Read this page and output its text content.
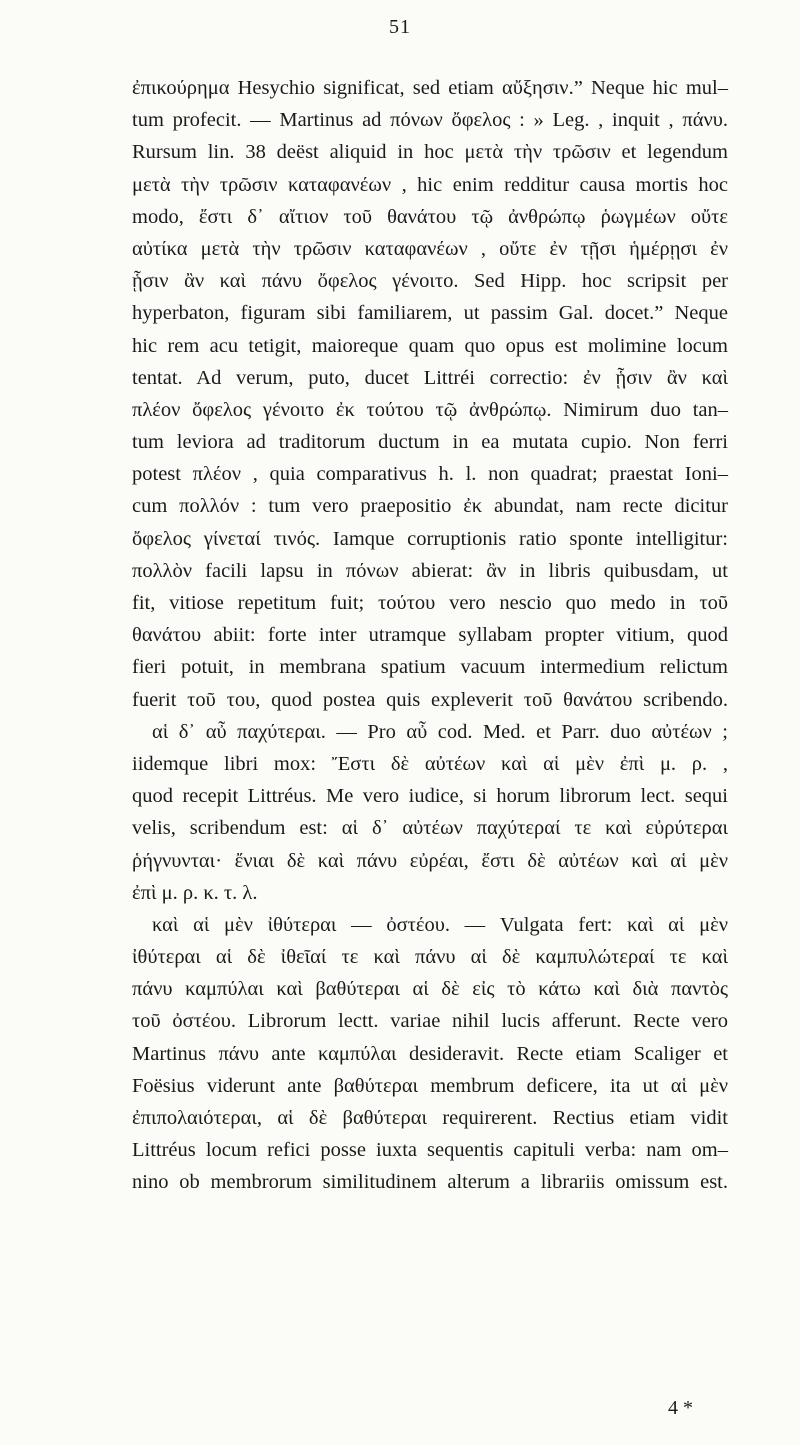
51
ἐπικούρημα Hesychio significat, sed etiam αὔξησιν.” Neque hic mul–
tum profecit. — Martinus ad πόνων ὄφελος : » Leg. , inquit , πάνυ.
Rursum lin. 38 deëst aliquid in hoc μετὰ τὴν τρῶσιν et legendum
μετὰ τὴν τρῶσιν καταφανέων , hic enim redditur causa mortis hoc
modo, ἔστι δ᾽ αἴτιον τοῦ θανάτου τῷ ἀνθρώπῳ ῥωγμέων οὔτε
αὐτίκα μετὰ τὴν τρῶσιν καταφανέων , οὔτε ἐν τῇσι ἡμέρῃσι ἐν
ᾗσιν ἂν καὶ πάνυ ὄφελος γένοιτο. Sed Hipp. hoc scripsit per
hyperbaton, figuram sibi familiarem, ut passim Gal. docet.” Neque
hic rem acu tetigit, maioreque quam quo opus est molimine locum
tentat. Ad verum, puto, ducet Littréi correctio: ἐν ᾗσιν ἂν καὶ
πλέον ὄφελος γένοιτο ἐκ τούτου τῷ ἀνθρώπῳ. Nimirum duo tan–
tum leviora ad traditorum ductum in ea mutata cupio. Non ferri
potest πλέον , quia comparativus h. l. non quadrat; praestat Ioni–
cum πολλόν : tum vero praepositio ἐκ abundat, nam recte dicitur
ὄφελος γίνεταί τινός. Iamque corruptionis ratio sponte intelligitur:
πολλὸν facili lapsu in πόνων abierat: ἂν in libris quibusdam, ut
fit, vitiose repetitum fuit; τούτου vero nescio quo medo in τοῦ
θανάτου abiit: forte inter utramque syllabam propter vitium, quod
fieri potuit, in membrana spatium vacuum intermedium relictum
fuerit τοῦ του, quod postea quis expleverit τοῦ θανάτου scribendo.
αἱ δ᾽ αὖ παχύτεραι. — Pro αὖ cod. Med. et Parr. duo αὐτέων ;
iidemque libri mox: Ἔστι δὲ αὐτέων καὶ αἱ μὲν ἐπὶ μ. ρ. ,
quod recepit Littréus. Me vero iudice, si horum librorum lect. sequi
velis, scribendum est: αἱ δ᾽ αὐτέων παχύτεραί τε καὶ εὐρύτεραι
ῥήγνυνται· ἔνιαι δὲ καὶ πάνυ εὐρέαι, ἔστι δὲ αὐτέων καὶ αἱ μὲν
ἐπὶ μ. ρ. κ. τ. λ.
καὶ αἱ μὲν ἰθύτεραι — ὀστέου. — Vulgata fert: καὶ αἱ μὲν
ἰθύτεραι αἱ δὲ ἰθεῖαί τε καὶ πάνυ αἱ δὲ καμπυλώτεραί τε καὶ
πάνυ καμπύλαι καὶ βαθύτεραι αἱ δὲ εἰς τὸ κάτω καὶ διὰ παντὸς
τοῦ ὀστέου. Librorum lectt. variae nihil lucis afferunt. Recte vero
Martinus πάνυ ante καμπύλαι desideravit. Recte etiam Scaliger et
Foësius viderunt ante βαθύτεραι membrum deficere, ita ut αἱ μὲν
ἐπιπολαιότεραι, αἱ δὲ βαθύτεραι requirerent. Rectius etiam vidit
Littréus locum refici posse iuxta sequentis capituli verba: nam om–
nino ob membrorum similitudinem alterum a librariis omissum est.
4 *
